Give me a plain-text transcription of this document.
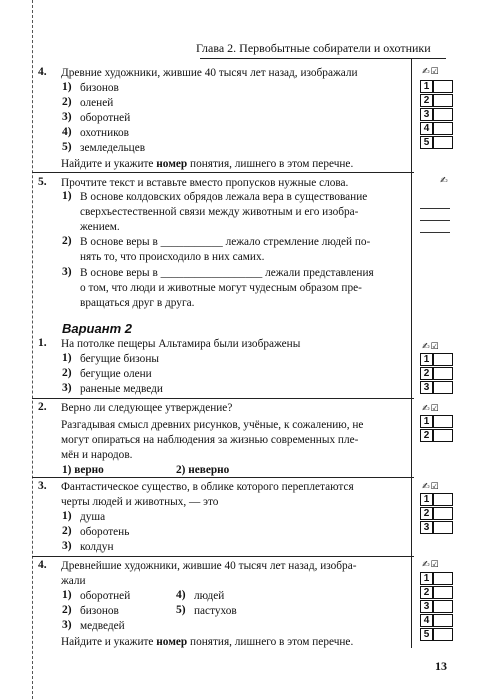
Глава 2. Первобытные собиратели и охотники
4. Древние художники, жившие 40 тысяч лет назад, изображали	✍☑
1) бизонов
2) оленей
3) оборотней
4) охотников
5) земледельцев
Найдите и укажите номер понятия, лишнего в этом перечне.
1
2
3
4
5
5. Прочтите текст и вставьте вместо пропусков нужные слова.	✍
1) В основе колдовских обрядов лежала вера в существование
сверхъестественной связи между животным и его изобра-
жением.
2) В основе веры в ___________ лежало стремление людей по-
нять то, что происходило в них самих.
3) В основе веры в __________________ лежали представления
о том, что люди и животные могут чудесным образом пре-
вращаться друг в друга.
Вариант 2
1. На потолке пещеры Альтамира были изображены	✍☑
1) бегущие бизоны
2) бегущие олени
3) раненые медведи
1
2
3
2. Верно ли следующее утверждение?	✍☑
Разгадывая смысл древних рисунков, учёные, к сожалению, не
могут опираться на наблюдения за жизнью современных пле-
мён и народов.
1) верно	2) неверно
1
2
3. Фантастическое существо, в облике которого переплетаются
черты людей и животных, — это
✍☑
1) душа
2) оборотень
3) колдун
1
2
3
4. Древнейшие художники, жившие 40 тысяч лет назад, изобра-
жали
✍☑
1) оборотней
2) бизонов
3) медведей
4) людей
5) пастухов
Найдите и укажите номер понятия, лишнего в этом перечне.
1
2
3
4
5
13
